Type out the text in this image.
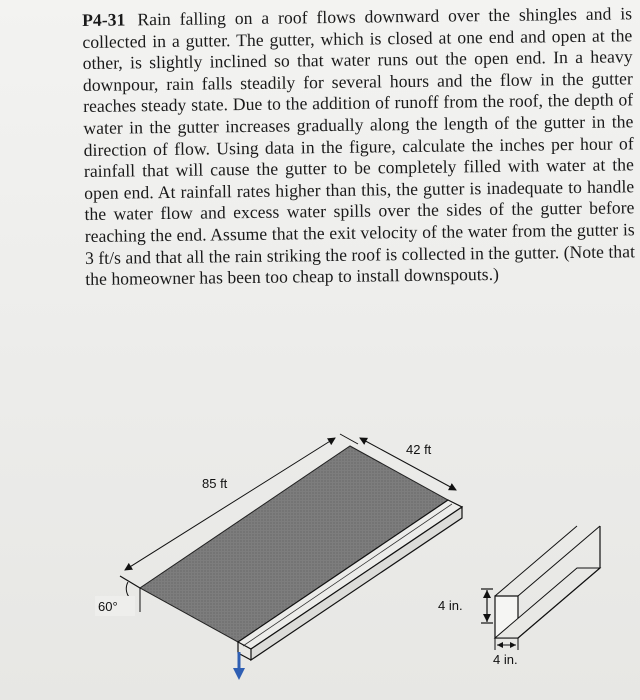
P4-31 Rain falling on a roof flows downward over the shingles and is collected in a gutter. The gutter, which is closed at one end and open at the other, is slightly inclined so that water runs out the open end. In a heavy downpour, rain falls steadily for several hours and the flow in the gutter reaches steady state. Due to the addition of runoff from the roof, the depth of water in the gutter increases gradually along the length of the gutter in the direction of flow. Using data in the figure, calculate the inches per hour of rainfall that will cause the gutter to be completely filled with water at the open end. At rainfall rates higher than this, the gutter is inadequate to handle the water flow and excess water spills over the sides of the gutter before reaching the end. Assume that the exit velocity of the water from the gutter is 3 ft/s and that all the rain striking the roof is collected in the gutter. (Note that the homeowner has been too cheap to install downspouts.)

85 ft
42 ft
60°	4 in.
4 in.
